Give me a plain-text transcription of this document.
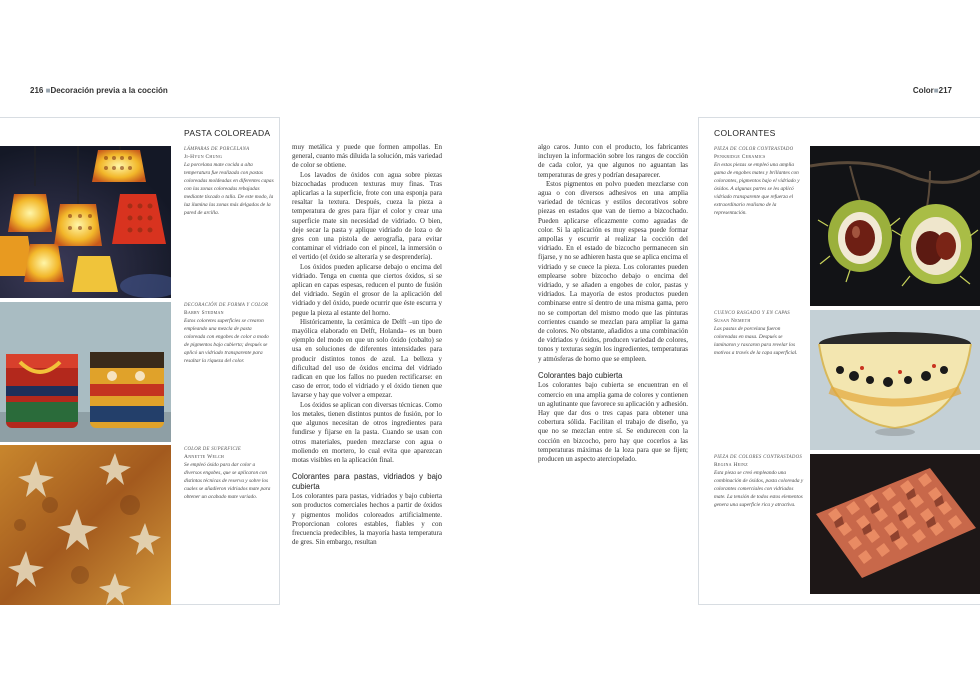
216 ■Decoración previa a la cocción	Color■217
PASTA COLOREADA
LÁMPARAS DE PORCELANA
Ji-Hyun Chung
La porcelana mate cocida a alta temperatura fue realizada con pastas coloreadas moldeadas en diferentes capas con las zonas coloreadas rebajadas mediante tiscado o talla. De este modo, la luz ilumina las zonas más delgadas de la pared de arcilla.
DECORACIÓN DE FORMA Y COLOR
Barry Stedman
Estos coloretes superficies se crearon empleando una mezcla de pasta coloreada con engobes de color a modo de pigmentos bajo cubierta; después se aplicó un vidriado transparente para resaltar la riqueza del color.
COLOR DE SUPERFICIE
Annette Welch
Se empleó óxido para dar color a diversos engobes, que se aplicaron con distintas técnicas de reserva y sobre los cuales se añadieron vidriados mate para obtener un acabado mate variado.

muy metálica y puede que formen ampollas. En general, cuanto más diluida la solución, más variedad de color se obtiene.

Los lavados de óxidos con agua sobre piezas bizcochadas producen texturas muy finas. Tras aplicarlas a la superficie, frote con una esponja para resaltar la textura. Después, cueza la pieza a temperatura de gres para fijar el color y crear una superficie mate sin necesidad de vidriado. O bien, deje secar la pasta y aplique vidriado de loza o de gres con una pistola de aerografía, para evitar contaminar el vidriado con el pincel, la inmersión o el vertido (el óxido se alteraría y se desprendería).

Los óxidos pueden aplicarse debajo o encima del vidriado. Tenga en cuenta que ciertos óxidos, si se aplican en capas espesas, reducen el punto de fusión del vidriado. Según el grosor de la aplicación del vidriado y del óxido, puede ocurrir que éste escurra y pegue la pieza al estante del horno.

Históricamente, la cerámica de Delft –un tipo de mayólica elaborado en Delft, Holanda– es un buen ejemplo del modo en que un solo óxido (cobalto) se usa en soluciones de diferentes intensidades para producir distintos tonos de azul. La belleza y dificultad del uso de óxidos encima del vidriado radican en que los fallos no pueden rectificarse: en caso de error, todo el vidriado y el óxido tienen que lavarse y hay que volver a empezar.

Los óxidos se aplican con diversas técnicas. Como los metales, tienen distintos puntos de fusión, por lo que algunos necesitan de otros ingredientes para fundirse y fijarse en la pasta. Cuando se usan con otros materiales, pueden mezclarse con agua o moliendo en mortero, lo cual evita que aparezcan motas visibles en la aplicación final.

Colorantes para pastas, vidriados y bajo cubierta

Los colorantes para pastas, vidriados y bajo cubierta son productos comerciales hechos a partir de óxidos y pigmentos molidos coloreados artificialmente. Proporcionan colores estables, fiables y con frecuencia predecibles, la mayoría hasta temperatura de gres. Sin embargo, resultan

algo caros. Junto con el producto, los fabricantes incluyen la información sobre los rangos de cocción de cada color, ya que algunos no aguantan las temperaturas de gres y podrían desaparecer.

Estos pigmentos en polvo pueden mezclarse con agua o con diversos adhesivos en una amplia variedad de técnicas y estilos decorativos sobre piezas en estados que van de tierno a bizcochado. Pueden aplicarse eficazmente como aguadas de color. Si la aplicación es muy espesa puede formar ampollas y escurrir al realizar la cocción del vidriado. En el estado de bizcocho permanecen sin fijarse, y no se adhieren hasta que se aplica encima el vidriado y se cuece la pieza. Los colorantes pueden emplearse sobre bizcocho debajo o encima del vidriado, y se añaden a engobes de color, pastas y vidriados. La mayoría de estos productos pueden combinarse entre sí dentro de una misma gama, pero no se comportan del mismo modo que las pinturas corrientes cuando se mezclan para ampliar la gama de colores. No obstante, añadidos a una combinación de vidriados y óxidos, producen variedad de colores, tonos y texturas según los ingredientes, temperaturas y atmósferas de horno que se empleen.

Colorantes bajo cubierta

Los colorantes bajo cubierta se encuentran en el comercio en una amplia gama de colores y contienen un aglutinante que favorece su aplicación y adhesión. Hay que dar dos o tres capas para obtener una cobertura sólida. Facilitan el trabajo de diseño, ya que no se mezclan entre sí. Se endurecen con la cocción en bizcocho, pero hay que cocerlos a las temperaturas máximas de la loza para que se fijen; producen un aspecto aterciopelado.

COLORANTES
PIEZA DE COLOR CONTRASTADO
Penkridge Ceramics
En estas piezas se empleó una amplia gama de engobes mates y brillantes con colorantes, pigmentos bajo el vidriado y óxidos. A algunas partes se les aplicó vidriado transparente que refuerza el extraordinario realismo de la representación.
CUENCO RASGADO Y EN CAPAS
Susan Nemeth
Las pastas de porcelana fueron coloreadas en masa. Después se laminaron y rascaron para revelar los motivos a través de la capa superficial.
PIEZA DE COLORES CONTRASTADOS
Regina Heinz
Esta pieza se creó empleando una combinación de óxidos, pasta coloreada y colorantes comerciales con vidriados mate. La tensión de todos estos elementos genera una superficie rica y atractiva.
